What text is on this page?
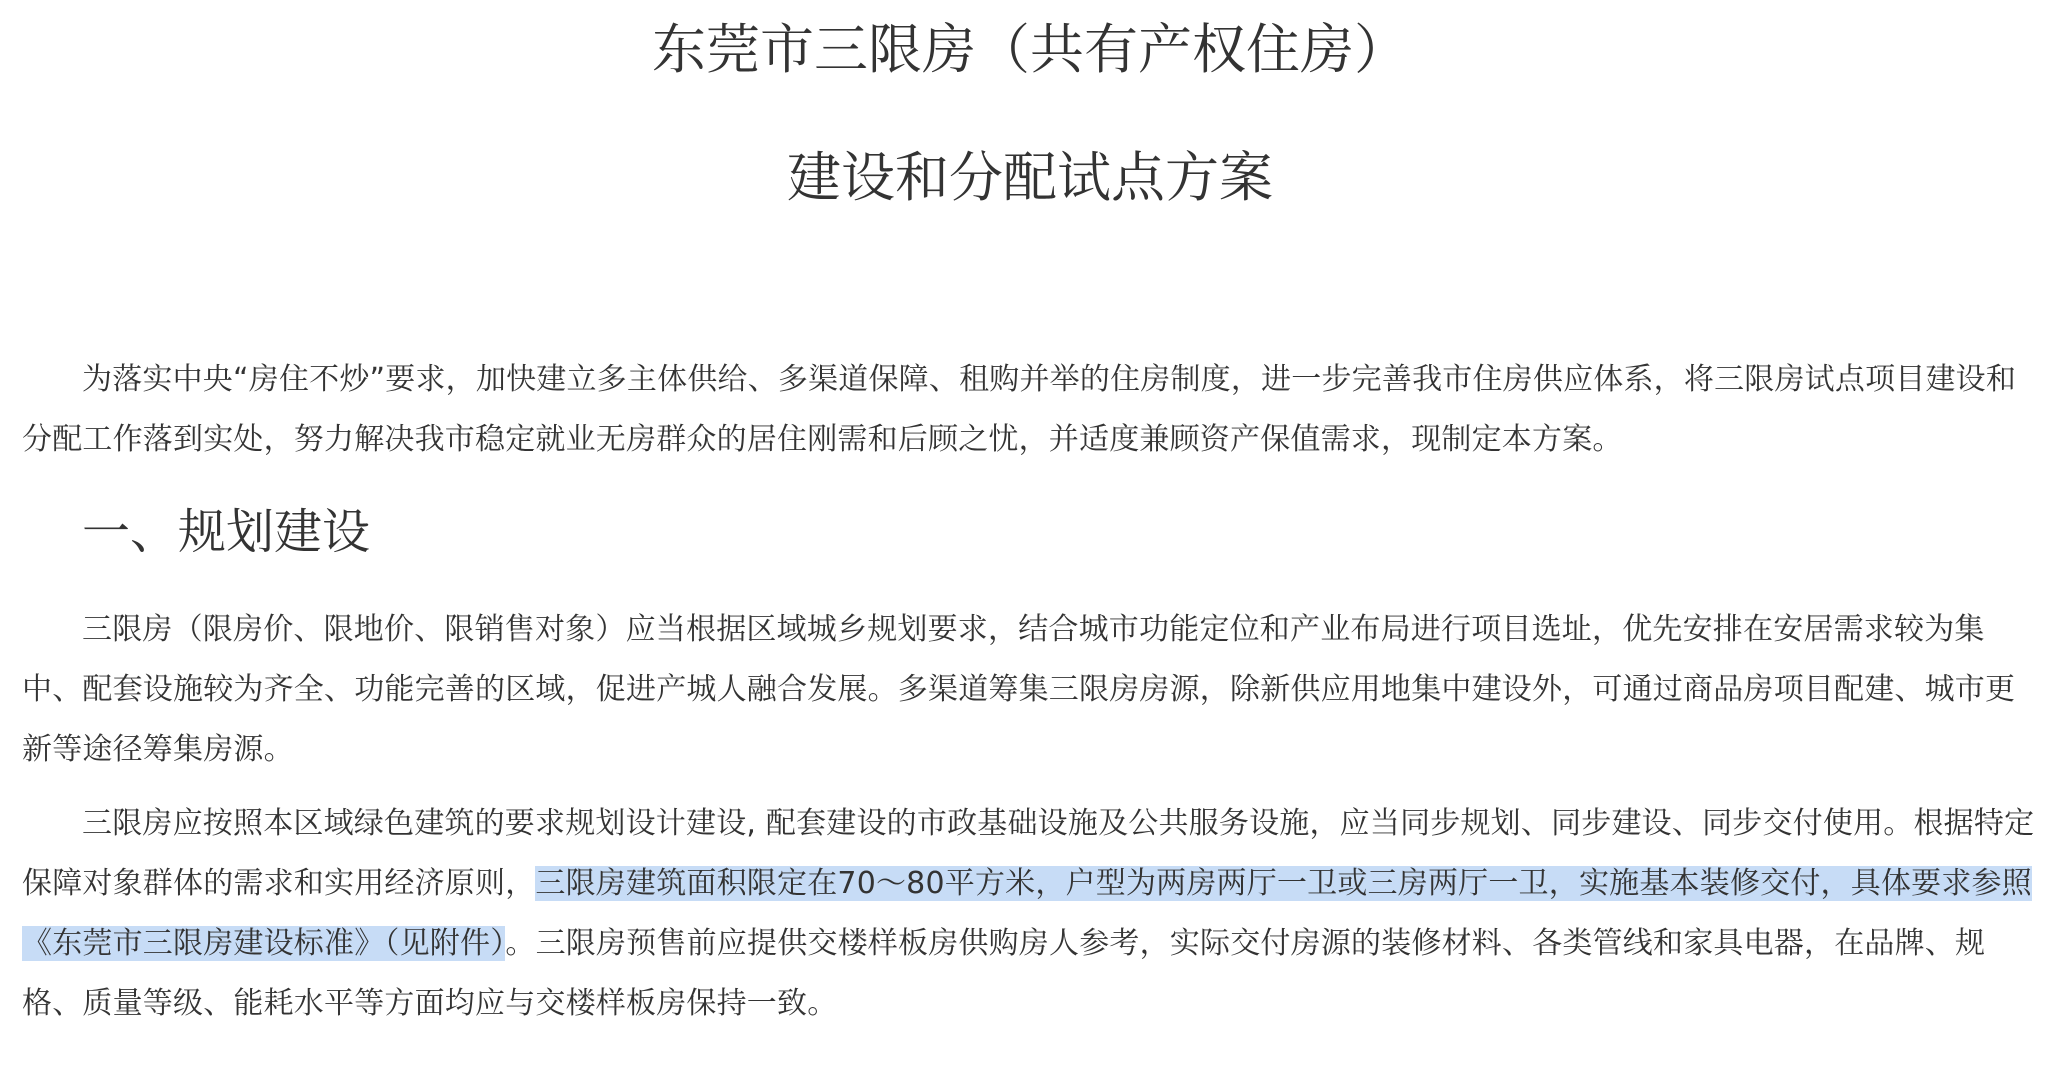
东莞市三限房（共有产权住房）
建设和分配试点方案

为落实中央“房住不炒”要求，加快建立多主体供给、多渠道保障、租购并举的住房制度，进一步完善我市住房供应体系，将三限房试点项目建设和分配工作落到实处，努力解决我市稳定就业无房群众的居住刚需和后顾之忧，并适度兼顾资产保值需求，现制定本方案。

一、规划建设

三限房（限房价、限地价、限销售对象）应当根据区域城乡规划要求，结合城市功能定位和产业布局进行项目选址，优先安排在安居需求较为集中、配套设施较为齐全、功能完善的区域，促进产城人融合发展。多渠道筹集三限房房源，除新供应用地集中建设外，可通过商品房项目配建、城市更新等途径筹集房源。

三限房应按照本区域绿色建筑的要求规划设计建设, 配套建设的市政基础设施及公共服务设施，应当同步规划、同步建设、同步交付使用。根据特定保障对象群体的需求和实用经济原则，三限房建筑面积限定在70～80平方米，户型为两房两厅一卫或三房两厅一卫，实施基本装修交付，具体要求参照《东莞市三限房建设标准》（见附件）。三限房预售前应提供交楼样板房供购房人参考，实际交付房源的装修材料、各类管线和家具电器，在品牌、规格、质量等级、能耗水平等方面均应与交楼样板房保持一致。
